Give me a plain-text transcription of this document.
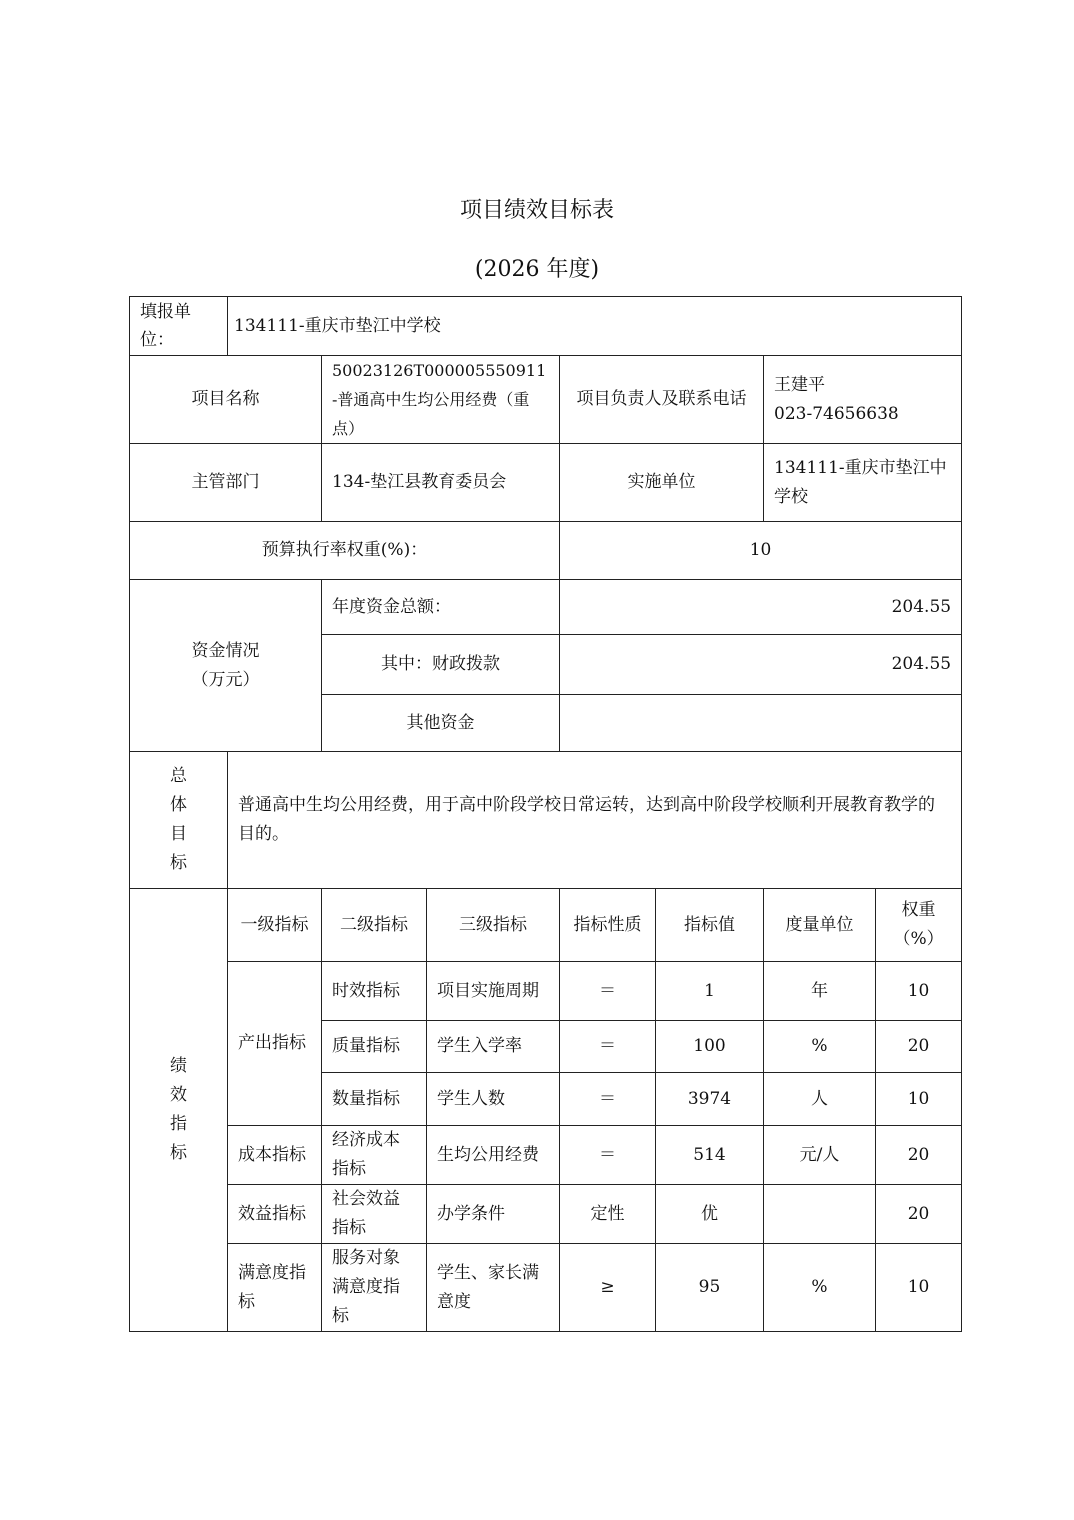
项目绩效目标表
(2026 年度)
填报单位：	134111-重庆市垫江中学校						
项目名称		50023126T000005550911-普通高中生均公用经费（重点）		项目负责人及联系电话		王建平
023-74656638	

主管部门		134-垫江县教育委员会		实施单位		134111-重庆市垫江中学校	
预算执行率权重(%)：				10			

资金情况
（万元）		年度资金总额：		204.55			
		其中：财政拨款		204.55			
		其他资金					

总
体
目
标	普通高中生均公用经费，用于高中阶段学校日常运转，达到高中阶段学校顺利开展教育教学的目的。						

绩
效
指
标	一级指标	二级指标	三级指标	指标性质	指标值	度量单位	权重（%）
	产出指标	时效指标	项目实施周期	＝	1	年	10
		质量指标	学生入学率	＝	100	%	20
		数量指标	学生人数	＝	3974	人	10
	成本指标	经济成本指标	生均公用经费	＝	514	元/人	20
	效益指标	社会效益指标	办学条件	定性	优		20
	满意度指标	服务对象满意度指标	学生、家长满意度	≥	95	%	10
